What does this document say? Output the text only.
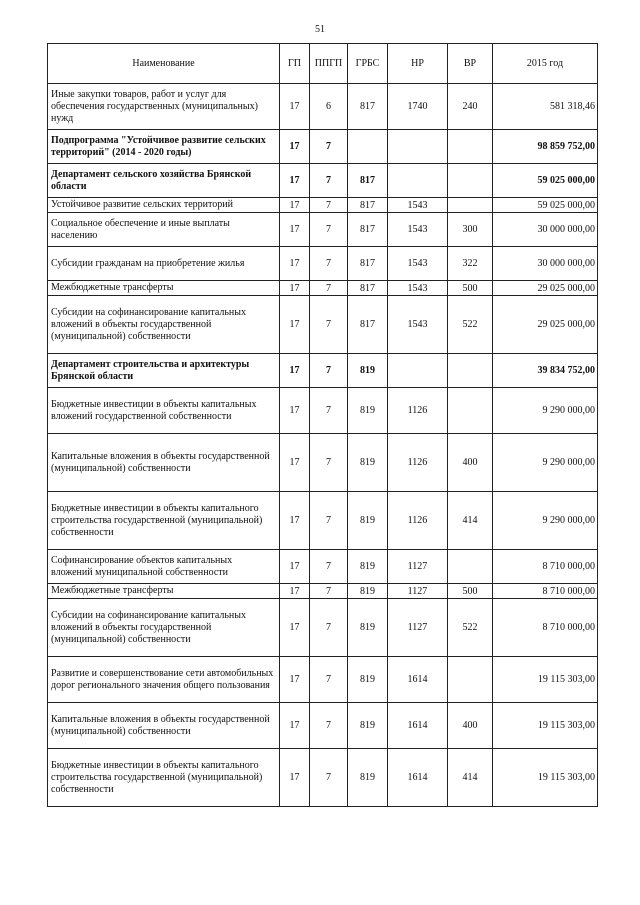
51
Наименование	ГП	ППГП	ГРБС	НР	ВР	2015 год
Иные закупки товаров, работ и услуг для обеспечения государственных (муниципальных) нужд	17	6	817	1740	240	581 318,46
Подпрограмма "Устойчивое развитие сельских территорий" (2014 - 2020 годы)	17	7				98 859 752,00
Департамент сельского хозяйства Брянской области	17	7	817			59 025 000,00
Устойчивое развитие сельских территорий	17	7	817	1543		59 025 000,00
Социальное обеспечение и иные выплаты населению	17	7	817	1543	300	30 000 000,00
Субсидии гражданам на приобретение жилья	17	7	817	1543	322	30 000 000,00
Межбюджетные трансферты	17	7	817	1543	500	29 025 000,00
Субсидии на софинансирование капитальных вложений в объекты государственной (муниципальной) собственности	17	7	817	1543	522	29 025 000,00
Департамент строительства и архитектуры Брянской области	17	7	819			39 834 752,00
Бюджетные инвестиции в объекты капитальных вложений государственной собственности	17	7	819	1126		9 290 000,00
Капитальные вложения в объекты государственной (муниципальной) собственности	17	7	819	1126	400	9 290 000,00
Бюджетные инвестиции в объекты капитального строительства государственной (муниципальной) собственности	17	7	819	1126	414	9 290 000,00
Софинансирование объектов капитальных вложений муниципальной собственности	17	7	819	1127		8 710 000,00
Межбюджетные трансферты	17	7	819	1127	500	8 710 000,00
Субсидии на софинансирование капитальных вложений в объекты государственной (муниципальной) собственности	17	7	819	1127	522	8 710 000,00
Развитие и совершенствование сети автомобильных дорог регионального значения общего пользования	17	7	819	1614		19 115 303,00
Капитальные вложения в объекты государственной (муниципальной) собственности	17	7	819	1614	400	19 115 303,00
Бюджетные инвестиции в объекты капитального строительства государственной (муниципальной) собственности	17	7	819	1614	414	19 115 303,00
